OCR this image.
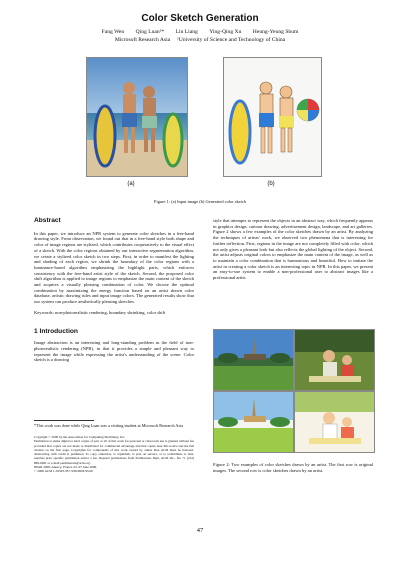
Color Sketch Generation
Fang Wen Qing Luan¹* Lin Liang Ying-Qing Xu Heung-Yeung Shum
Microsoft Research Asia     ¹University of Science and Technology of China
(a)	(b)
Figure 1: (a) Input image (b) Generated color sketch
Abstract

In this paper, we introduce an NPR system to generate color sketches in a free-hand drawing style. From observation, we found out that in a free-hand style both shape and color of image regions are stylized, which contributes cooperatively to the visual effect of a sketch. With the color regions obtained by our interactive segmentation algorithm, we create a stylized color sketch in two steps. First, in order to manifest the lighting and shading of each region, we shrink the boundary of the color regions with a luminance-based algorithm emphasizing the highlight parts, which enforces consistency with the free-hand artist style of the sketch. Second, the proposed color shift algorithm is applied to image regions to emphasize the main content of the sketch and acquires a visually pleasing combination of color. We choose the optimal combination by maximizing the energy function based on an artist drawn color database, artistic drawing rules and input image colors. The generated results show that our system can produce aesthetically pleasing sketches.

Keywords: non-photorealistic rendering, boundary shrinking, color shift

1 Introduction

Image abstraction is an interesting and long-standing problem in the field of non-photorealistic rendering (NPR), in that it provides a simple and pleasant way to represent the image while expressing the artist's understanding of the scene. Color sketch is a drawing

*This work was done while Qing Luan was a visiting student at Microsoft Research Asia
Copyright © 2006 by the Association for Computing Machinery, Inc.
Permission to make digital or hard copies of part or all of this work for personal or classroom use is granted without fee provided that copies are not made or distributed for commercial advantage and that copies bear this notice and the full citation on the first page. Copyrights for components of this work owned by others than ACM must be honored. Abstracting with credit is permitted. To copy otherwise, to republish, to post on servers, or to redistribute to lists, requires prior specific permission and/or a fee. Request permissions from Permissions Dept, ACM Inc., fax +1 (212) 869-0481 or e-mail permissions@acm.org.
NPAR 2006, Annecy, France, 05–07 June 2006.
© 2006 ACM 1-59593-357-3/06/0006 $5.00
style that attempts to represent the objects in an abstract way, which frequently appears in graphics design, cartoon drawing, advertisement design, landscape, and art galleries. Figure 2 shows a few examples of the color sketches drawn by an artist. By analyzing the techniques of artists' work, we observed two phenomena that is interesting for further reflection. First, regions in the image are not completely filled with color, which not only gives a pleasant look but also reflects the global lighting of the object. Second, the artist adjusts original colors to emphasize the main content of the image, as well as to maintain a color combination that is harmonious and beautiful. How to imitate the artist in creating a color sketch is an interesting topic in NPR. In this paper, we present an easy-to-use system to enable a non-professional user to abstract images like a professional artist.
Figure 2: Two examples of color sketches drawn by an artist. The first row is original images. The second row is color sketches drawn by an artist.
47
